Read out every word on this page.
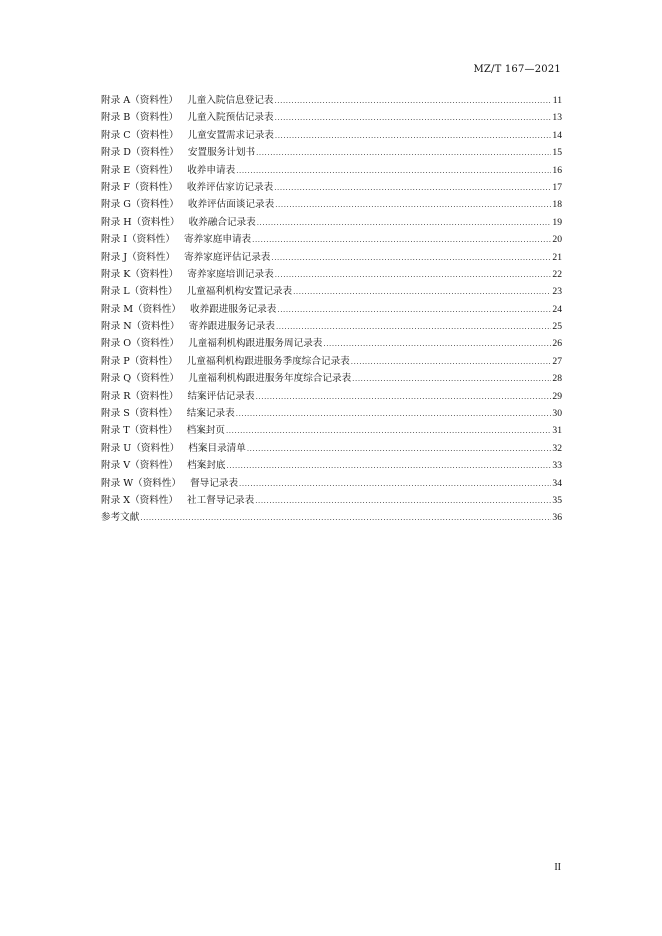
MZ/T 167—2021
附录 A（资料性） 儿童入院信息登记表 .....	11
附录 B（资料性） 儿童入院预估记录表 .....	13
附录 C（资料性） 儿童安置需求记录表 .....	14
附录 D（资料性） 安置服务计划书 .....	15
附录 E（资料性） 收养申请表 .....	16
附录 F（资料性） 收养评估家访记录表 .....	17
附录 G（资料性） 收养评估面谈记录表 .....	18
附录 H（资料性） 收养融合记录表 .....	19
附录 I（资料性） 寄养家庭申请表 .....	20
附录 J（资料性） 寄养家庭评估记录表 .....	21
附录 K（资料性） 寄养家庭培训记录表 .....	22
附录 L（资料性） 儿童福利机构安置记录表 .....	23
附录 M（资料性） 收养跟进服务记录表 .....	24
附录 N（资料性） 寄养跟进服务记录表 .....	25
附录 O（资料性） 儿童福利机构跟进服务周记录表 .....	26
附录 P（资料性） 儿童福利机构跟进服务季度综合记录表 .....	27
附录 Q（资料性） 儿童福利机构跟进服务年度综合记录表 .....	28
附录 R（资料性） 结案评估记录表 .....	29
附录 S（资料性） 结案记录表 .....	30
附录 T（资料性） 档案封页 .....	31
附录 U（资料性） 档案目录清单 .....	32
附录 V（资料性） 档案封底 .....	33
附录 W（资料性） 督导记录表 .....	34
附录 X（资料性） 社工督导记录表 .....	35
参考文献 .....	36
II
